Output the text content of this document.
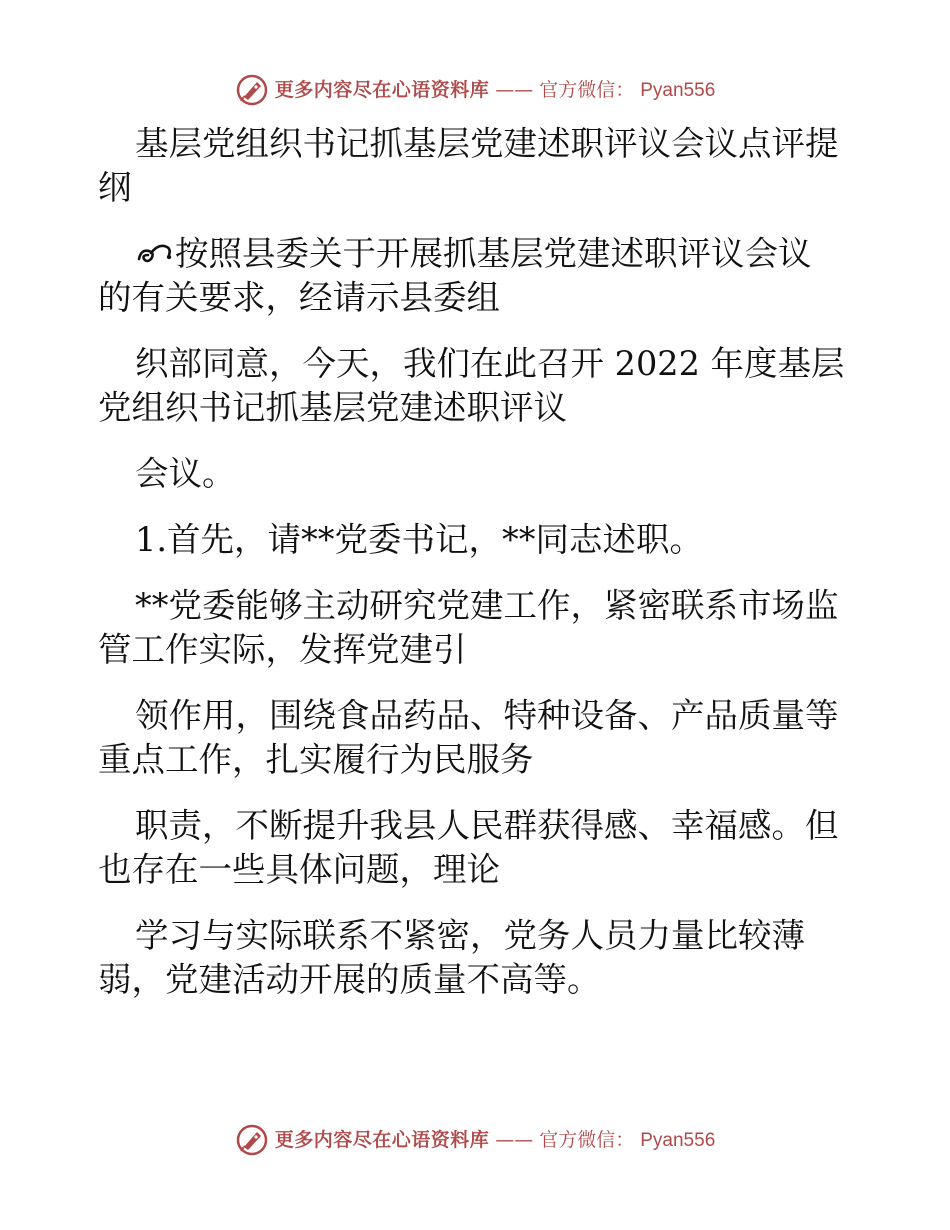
更多内容尽在心语资料库 —— 官方微信： Pyan556
基层党组织书记抓基层党建述职评议会议点评提
纲
按照县委关于开展抓基层党建述职评议会议
的有关要求，经请示县委组
织部同意，今天，我们在此召开 2022 年度基层
党组织书记抓基层党建述职评议
会议。
1.首先，请**党委书记，**同志述职。
**党委能够主动研究党建工作，紧密联系市场监
管工作实际，发挥党建引
领作用，围绕食品药品、特种设备、产品质量等
重点工作，扎实履行为民服务
职责，不断提升我县人民群获得感、幸福感。但
也存在一些具体问题，理论
学习与实际联系不紧密，党务人员力量比较薄
弱，党建活动开展的质量不高等。
更多内容尽在心语资料库 —— 官方微信： Pyan556
